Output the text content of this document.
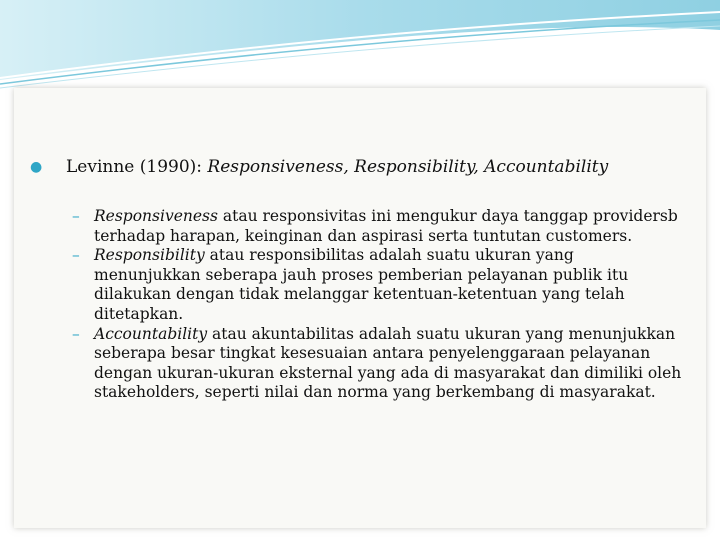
● Levinne (1990): Responsiveness, Responsibility, Accountability
– Responsiveness atau responsivitas ini mengukur daya tanggap providersb terhadap harapan, keinginan dan aspirasi serta tuntutan customers.
– Responsibility atau responsibilitas adalah suatu ukuran yang menunjukkan seberapa jauh proses pemberian pelayanan publik itu dilakukan dengan tidak melanggar ketentuan-ketentuan yang telah ditetapkan.
– Accountability atau akuntabilitas adalah suatu ukuran yang menunjukkan seberapa besar tingkat kesesuaian antara penyelenggaraan pelayanan dengan ukuran-ukuran eksternal yang ada di masyarakat dan dimiliki oleh stakeholders, seperti nilai dan norma yang berkembang di masyarakat.
